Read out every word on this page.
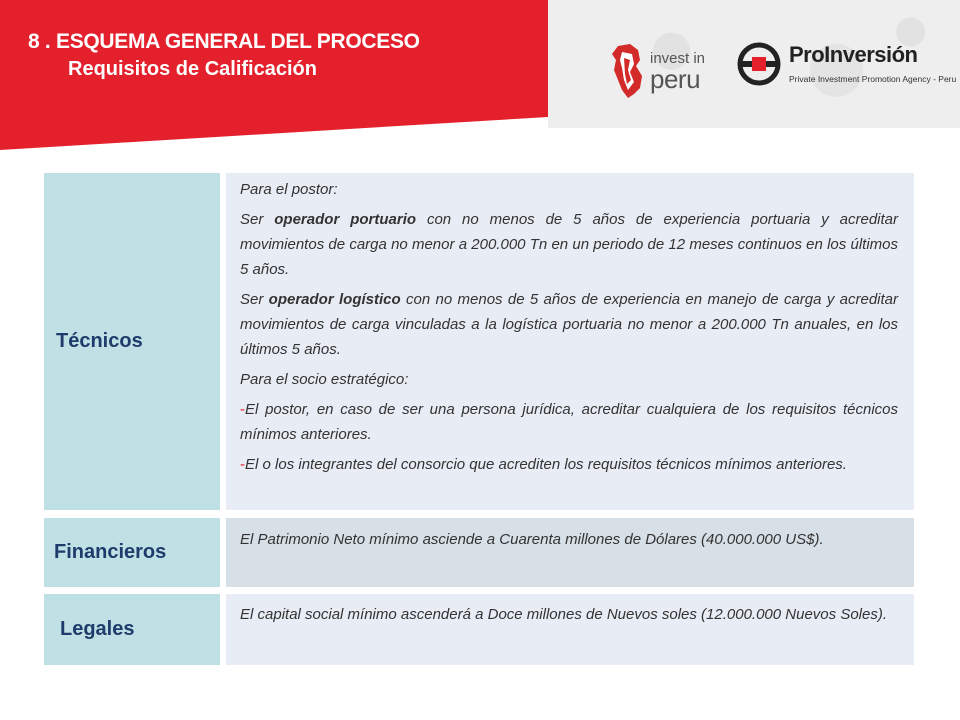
8 . ESQUEMA GENERAL DEL PROCESO
Requisitos de Calificación	invest in
peru
ProInversión
Private Investment Promotion Agency - Peru
Técnicos

Para el postor:

Ser operador portuario con no menos de 5 años de experiencia portuaria y acreditar movimientos de carga no menor a 200.000 Tn en un periodo de 12 meses continuos en los últimos 5 años.

Ser operador logístico con no menos de 5 años de experiencia en manejo de carga y acreditar movimientos de carga vinculadas a la logística portuaria no menor a 200.000 Tn anuales, en los últimos 5 años.

Para el socio estratégico:

-El postor, en caso de ser una persona jurídica, acreditar cualquiera de los requisitos técnicos mínimos anteriores.

-El o los integrantes del consorcio que acrediten los requisitos técnicos mínimos anteriores.

Financieros

El Patrimonio Neto mínimo asciende a Cuarenta millones de Dólares (40.000.000 US$).

Legales

El capital social mínimo ascenderá a Doce millones de Nuevos soles (12.000.000 Nuevos Soles).
